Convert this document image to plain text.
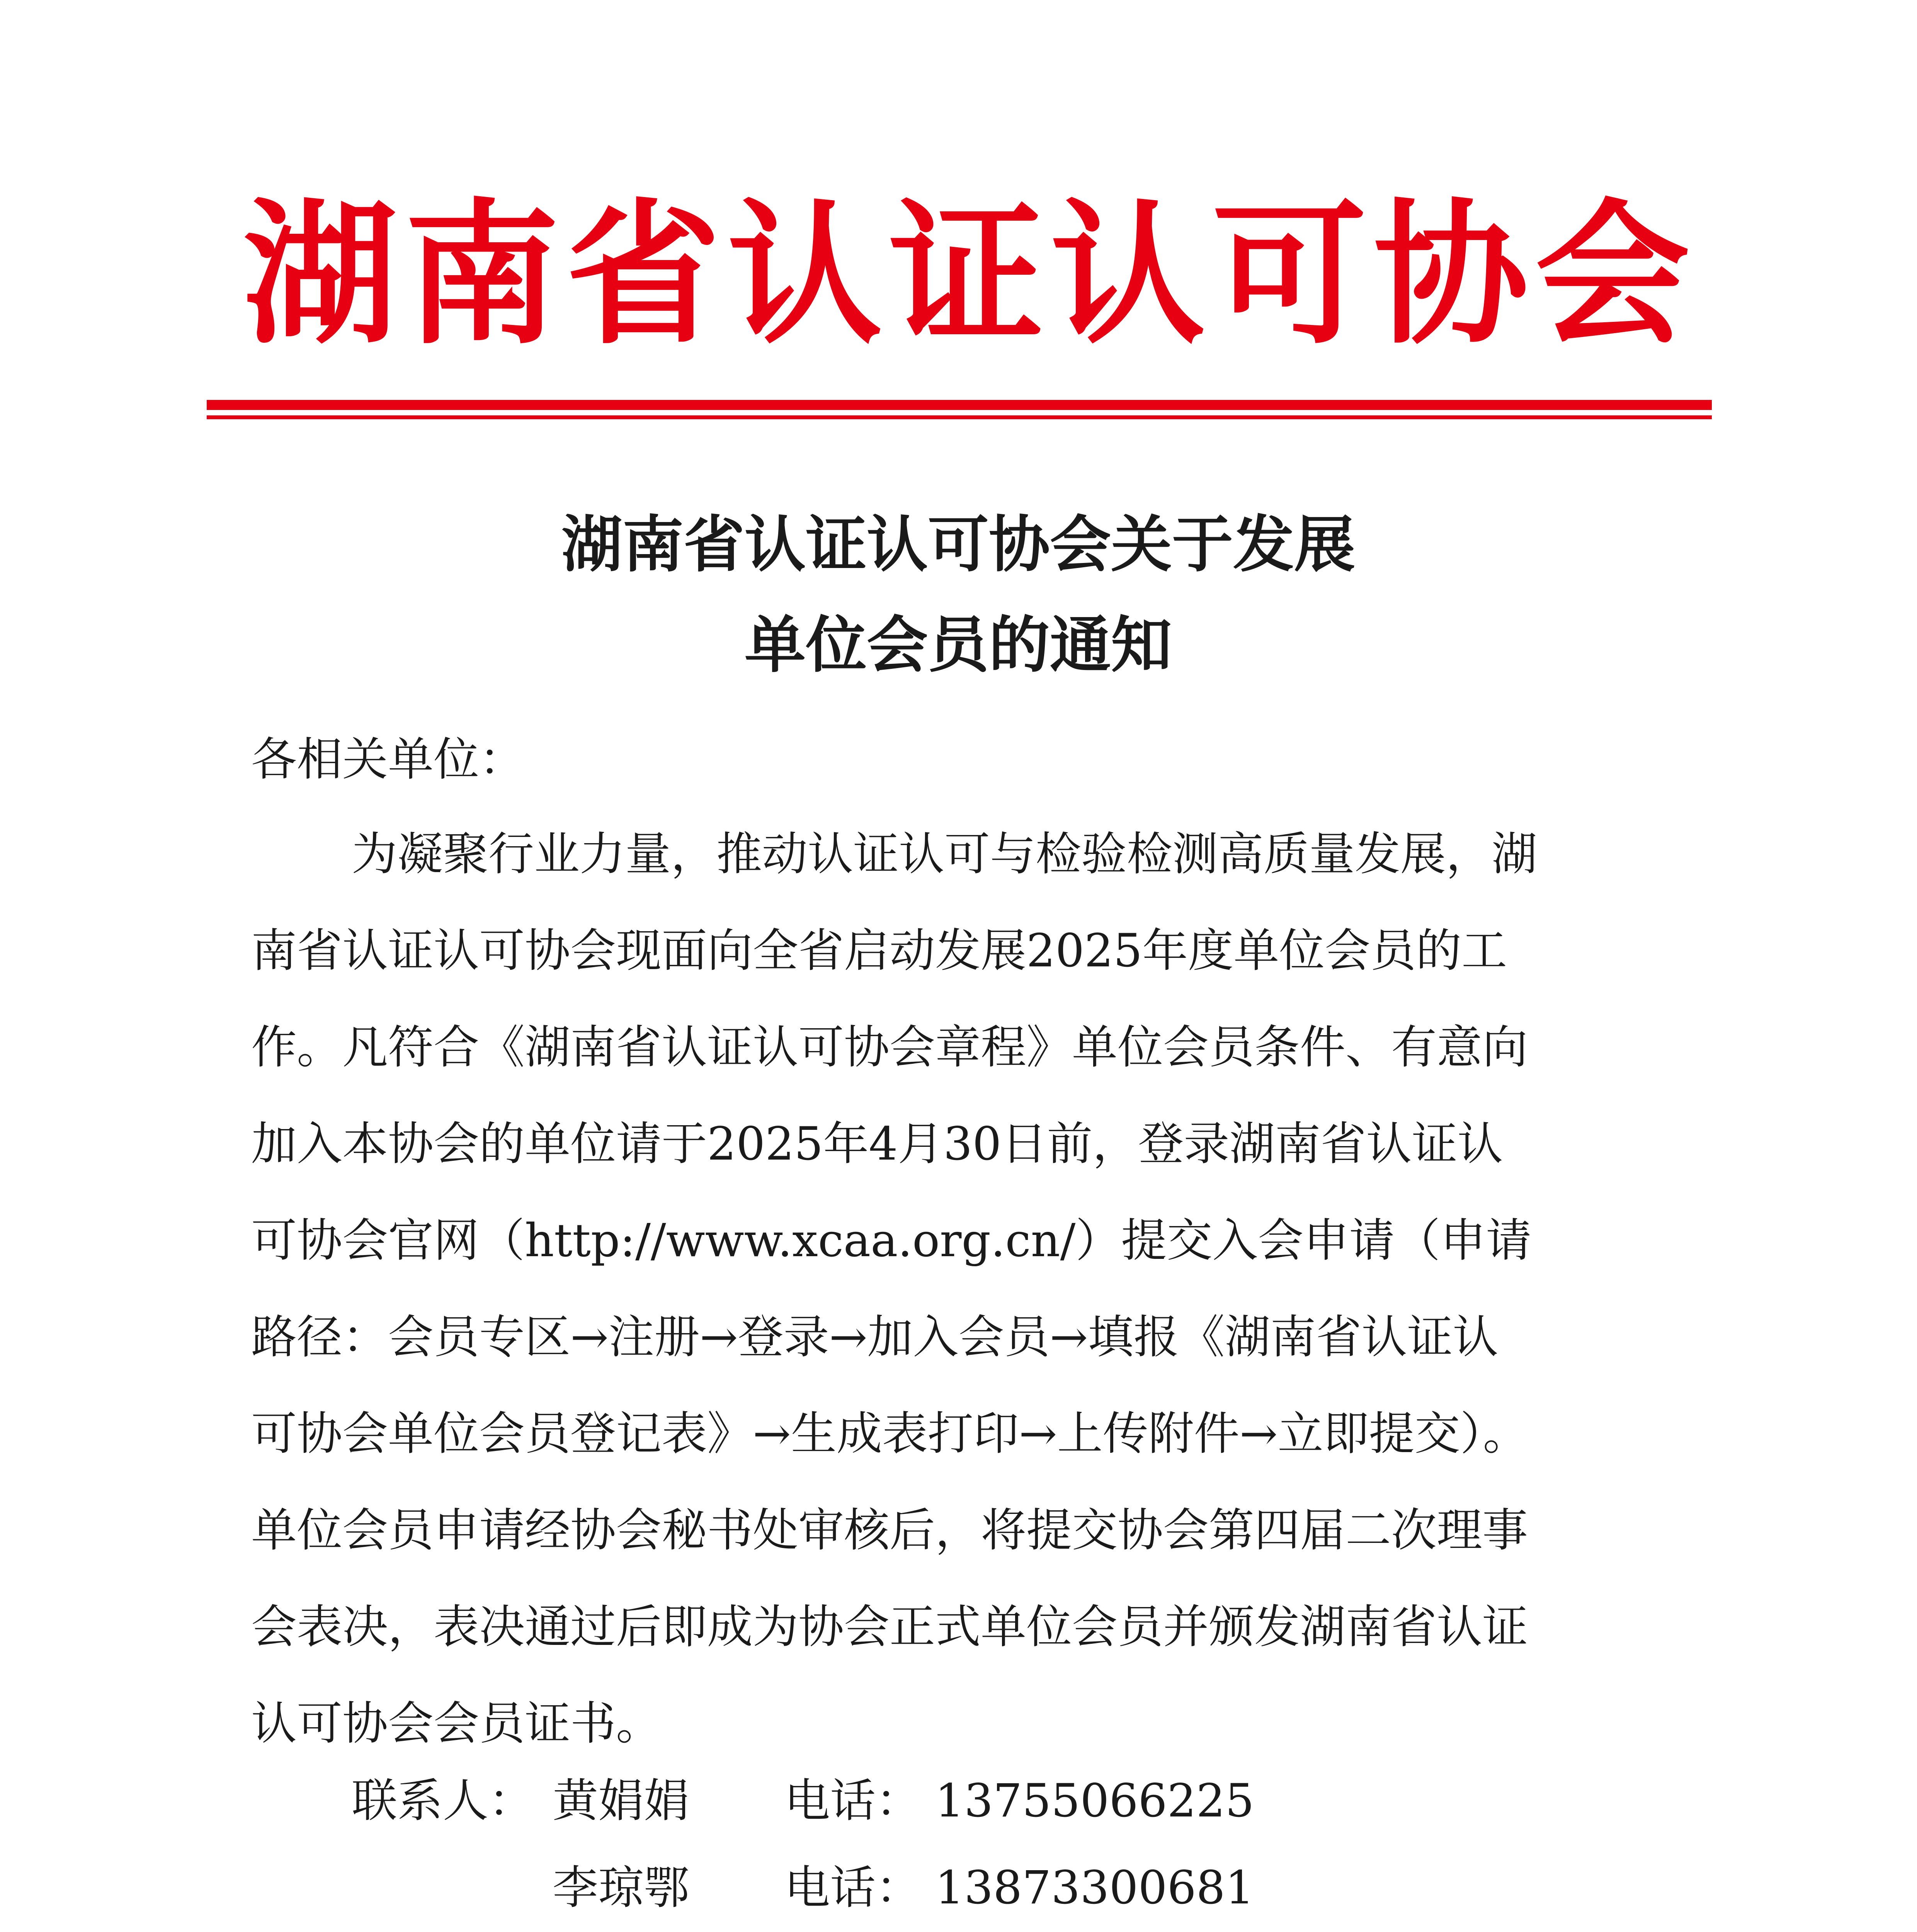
湖南省认证认可协会
湖南省认证认可协会关于发展
单位会员的通知
各相关单位：
为凝聚行业力量，推动认证认可与检验检测高质量发展，湖
南省认证认可协会现面向全省启动发展2025年度单位会员的工
作。凡符合《湖南省认证认可协会章程》单位会员条件、有意向
加入本协会的单位请于2025年4月30日前，登录湖南省认证认
可协会官网（http://www.xcaa.org.cn/）提交入会申请（申请
路径：会员专区→注册→登录→加入会员→填报《湖南省认证认
可协会单位会员登记表》→生成表打印→上传附件→立即提交）。
单位会员申请经协会秘书处审核后，将提交协会第四届二次理事
会表决，表决通过后即成为协会正式单位会员并颁发湖南省认证
认可协会会员证书。
联系人： 黄娟娟 电话： 13755066225
李琼鄂 电话： 13873300681
